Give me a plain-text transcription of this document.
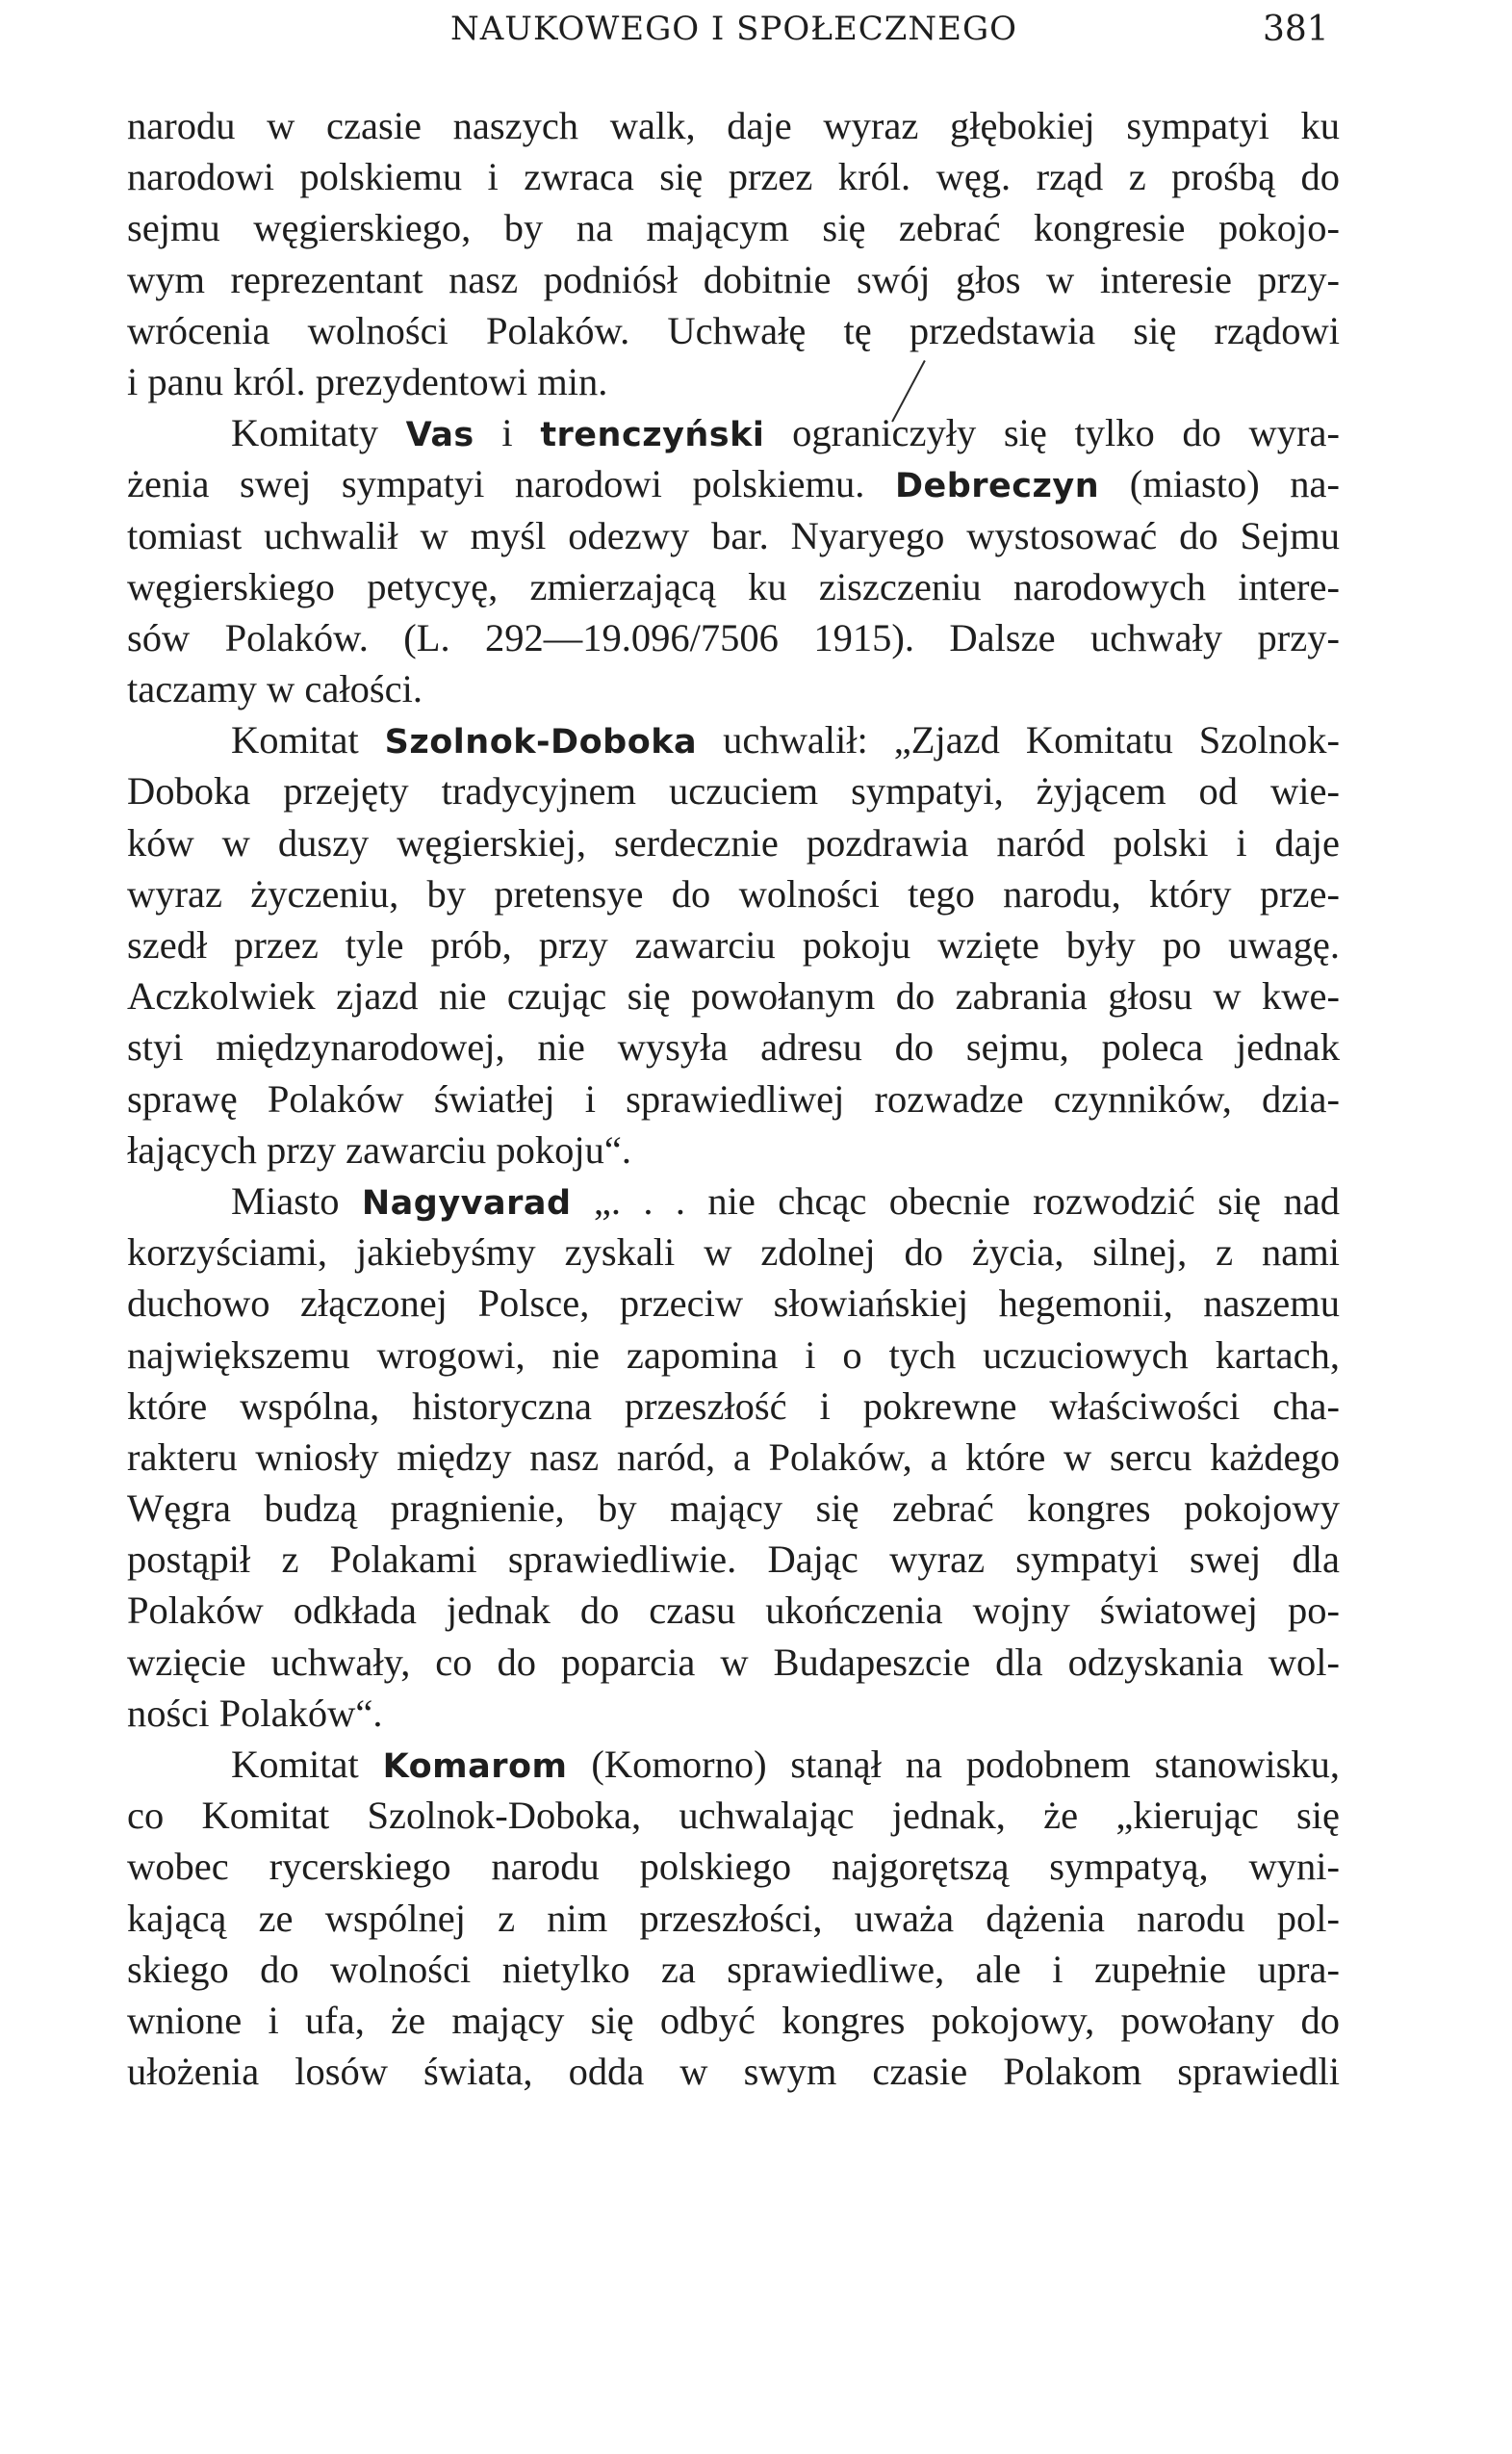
NAUKOWEGO I SPOŁECZNEGO	381
narodu w czasie naszych walk, daje wyraz głębokiej sympatyi ku
narodowi polskiemu i zwraca się przez król. węg. rząd z prośbą do
sejmu węgierskiego, by na mającym się zebrać kongresie pokojo-
wym reprezentant nasz podniósł dobitnie swój głos w interesie przy-
wrócenia wolności Polaków. Uchwałę tę przedstawia się rządowi
i panu król. prezydentowi min.
Komitaty Vas i trenczyński ograniczyły się tylko do wyra-
żenia swej sympatyi narodowi polskiemu. Debreczyn (miasto) na-
tomiast uchwalił w myśl odezwy bar. Nyaryego wystosować do Sejmu
węgierskiego petycyę, zmierzającą ku ziszczeniu narodowych intere-
sów Polaków. (L. 292—19.096/7506 1915). Dalsze uchwały przy-
taczamy w całości.
Komitat Szolnok-Doboka uchwalił: „Zjazd Komitatu Szolnok-
Doboka przejęty tradycyjnem uczuciem sympatyi, żyjącem od wie-
ków w duszy węgierskiej, serdecznie pozdrawia naród polski i daje
wyraz życzeniu, by pretensye do wolności tego narodu, który prze-
szedł przez tyle prób, przy zawarciu pokoju wzięte były po uwagę.
Aczkolwiek zjazd nie czując się powołanym do zabrania głosu w kwe-
styi międzynarodowej, nie wysyła adresu do sejmu, poleca jednak
sprawę Polaków światłej i sprawiedliwej rozwadze czynników, dzia-
łających przy zawarciu pokoju“.
Miasto Nagyvarad „. . . nie chcąc obecnie rozwodzić się nad
korzyściami, jakiebyśmy zyskali w zdolnej do życia, silnej, z nami
duchowo złączonej Polsce, przeciw słowiańskiej hegemonii, naszemu
największemu wrogowi, nie zapomina i o tych uczuciowych kartach,
które wspólna, historyczna przeszłość i pokrewne właściwości cha-
rakteru wniosły między nasz naród, a Polaków, a które w sercu każdego
Węgra budzą pragnienie, by mający się zebrać kongres pokojowy
postąpił z Polakami sprawiedliwie. Dając wyraz sympatyi swej dla
Polaków odkłada jednak do czasu ukończenia wojny światowej po-
wzięcie uchwały, co do poparcia w Budapeszcie dla odzyskania wol-
ności Polaków“.
Komitat Komarom (Komorno) stanął na podobnem stanowisku,
co Komitat Szolnok-Doboka, uchwalając jednak, że „kierując się
wobec rycerskiego narodu polskiego najgorętszą sympatyą, wyni-
kającą ze wspólnej z nim przeszłości, uważa dążenia narodu pol-
skiego do wolności nietylko za sprawiedliwe, ale i zupełnie upra-
wnione i ufa, że mający się odbyć kongres pokojowy, powołany do
ułożenia losów świata, odda w swym czasie Polakom sprawiedli
